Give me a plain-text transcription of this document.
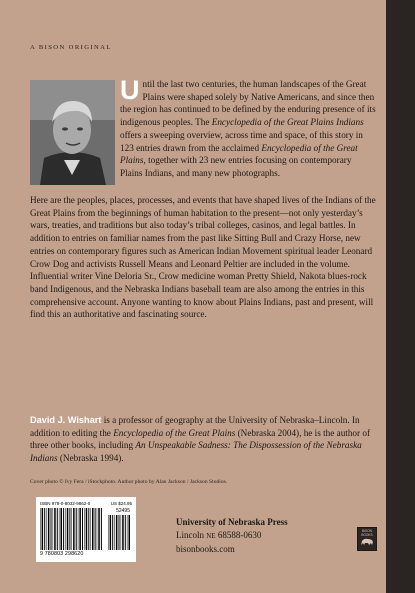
A BISON ORIGINAL
Until the last two centuries, the human landscapes of the Great Plains were shaped solely by Native Americans, and since then the region has continued to be defined by the enduring presence of its indigenous peoples. The Encyclopedia of the Great Plains Indians offers a sweeping overview, across time and space, of this story in 123 entries drawn from the acclaimed Encyclopedia of the Great Plains, together with 23 new entries focusing on contemporary Plains Indians, and many new photographs.
Here are the peoples, places, processes, and events that have shaped lives of the Indians of the Great Plains from the beginnings of human habitation to the present—not only yesterday’s wars, treaties, and traditions but also today’s tribal colleges, casinos, and legal battles. In addition to entries on familiar names from the past like Sitting Bull and Crazy Horse, new entries on contemporary figures such as American Indian Movement spiritual leader Leonard Crow Dog and activists Russell Means and Leonard Peltier are included in the volume. Influential writer Vine Deloria Sr., Crow medicine woman Pretty Shield, Nakota blues-rock band Indigenous, and the Nebraska Indians baseball team are also among the entries in this comprehensive account. Anyone wanting to know about Plains Indians, past and present, will find this an authoritative and fascinating source.
David J. Wishart is a professor of geography at the University of Nebraska–Lincoln. In addition to editing the Encyclopedia of the Great Plains (Nebraska 2004), he is the author of three other books, including An Unspeakable Sadness: The Dispossession of the Nebraska Indians (Nebraska 1994).
Cover photo © Ivy Fera / iStockphoto. Author photo by Alan Jackson / Jackson Studios.
ISBN 978-0-8032-9862-0	US $24.95
52495
9 780803 298620
University of Nebraska Press
Lincoln NE 68588-0630
bisonbooks.com
BISON
BOOKS
